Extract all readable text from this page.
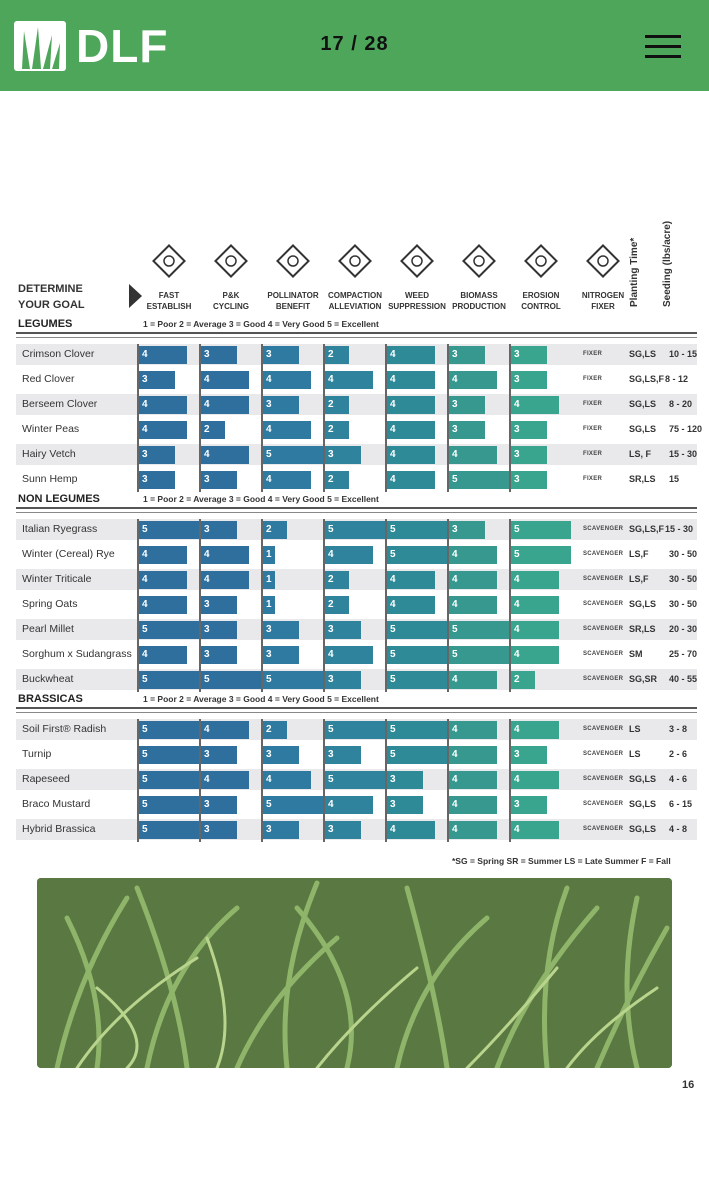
DLF	17 / 28
DETERMINE
YOUR GOAL
FAST
ESTABLISH
P&K
CYCLING
POLLINATOR
BENEFIT
COMPACTION
ALLEVIATION
WEED
SUPPRESSION
BIOMASS
PRODUCTION
EROSION
CONTROL
NITROGEN
FIXER	Planting Time* Seeding (lbs/acre)
LEGUMES	1 = Poor 2 = Average 3 = Good 4 = Very Good 5 = Excellent
Crimson Clover	4	3	3	2	4	3	3	FIXER	SG,LS 10 - 15
Red Clover	3	4	4	4	4	4	3	FIXER	SG,LS,F 8 - 12
Berseem Clover	4	4	3	2	4	3	4	FIXER	SG,LS 8 - 20
Winter Peas	4	2	4	2	4	3	3	FIXER	SG,LS 75 - 120
Hairy Vetch	3	4	5	3	4	4	3	FIXER	LS, F 15 - 30
Sunn Hemp	3	3	4	2	4	5	3	FIXER	SR,LS 15
NON LEGUMES	1 = Poor 2 = Average 3 = Good 4 = Very Good 5 = Excellent
Italian Ryegrass	5	3	2	5	5	3	5	SCAVENGER SG,LS,F 15 - 30
Winter (Cereal) Rye	4	4	1	4	5	4	5	SCAVENGER LS,F 30 - 50
Winter Triticale	4	4	1	2	4	4	4	SCAVENGER LS,F 30 - 50
Spring Oats	4	3	1	2	4	4	4	SCAVENGER SG,LS 30 - 50
Pearl Millet	5	3	3	3	5	5	4	SCAVENGER SR,LS 20 - 30
Sorghum x Sudangrass	4	3	3	4	5	5	4	SCAVENGER SM	25 - 70
Buckwheat	5	5	5	3	5	4	2	SCAVENGER SG,SR 40 - 55
BRASSICAS	1 = Poor 2 = Average 3 = Good 4 = Very Good 5 = Excellent
Soil First® Radish	5	4	2	5	5	4	4	SCAVENGER LS	3 - 8
Turnip	5	3	3	3	5	4	3	SCAVENGER LS	2 - 6
Rapeseed	5	4	4	5	3	4	4	SCAVENGER SG,LS 4 - 6
Braco Mustard	5	3	5	4	3	4	3	SCAVENGER SG,LS 6 - 15
Hybrid Brassica	5	3	3	3	4	4	4	SCAVENGER SG,LS 4 - 8
*SG = Spring SR = Summer LS = Late Summer F = Fall
16
